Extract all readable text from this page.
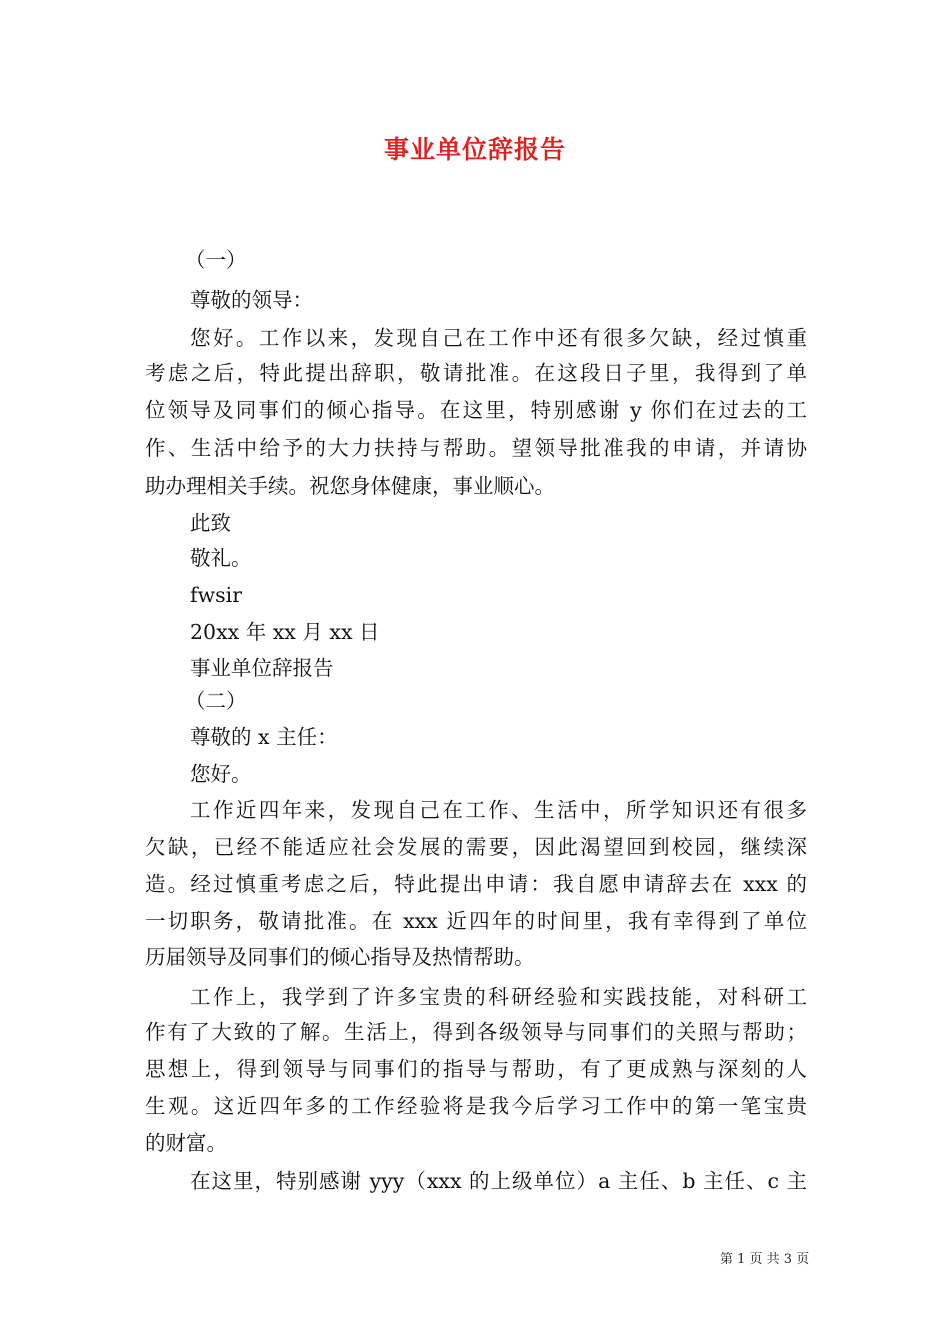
事业单位辞报告
（一）
尊敬的领导：
您好。工作以来，发现自己在工作中还有很多欠缺，经过慎重
考虑之后，特此提出辞职，敬请批准。在这段日子里，我得到了单
位领导及同事们的倾心指导。在这里，特别感谢 y 你们在过去的工
作、生活中给予的大力扶持与帮助。望领导批准我的申请，并请协
助办理相关手续。祝您身体健康，事业顺心。
此致
敬礼。
fwsir
20xx 年 xx 月 xx 日
事业单位辞报告
（二）
尊敬的 x 主任：
您好。
工作近四年来，发现自己在工作、生活中，所学知识还有很多
欠缺，已经不能适应社会发展的需要，因此渴望回到校园，继续深
造。经过慎重考虑之后，特此提出申请：我自愿申请辞去在 xxx 的
一切职务，敬请批准。在 xxx 近四年的时间里，我有幸得到了单位
历届领导及同事们的倾心指导及热情帮助。
工作上，我学到了许多宝贵的科研经验和实践技能，对科研工
作有了大致的了解。生活上，得到各级领导与同事们的关照与帮助；
思想上，得到领导与同事们的指导与帮助，有了更成熟与深刻的人
生观。这近四年多的工作经验将是我今后学习工作中的第一笔宝贵
的财富。
在这里，特别感谢 yyy（xxx 的上级单位）a 主任、b 主任、c 主
第 1 页 共 3 页
